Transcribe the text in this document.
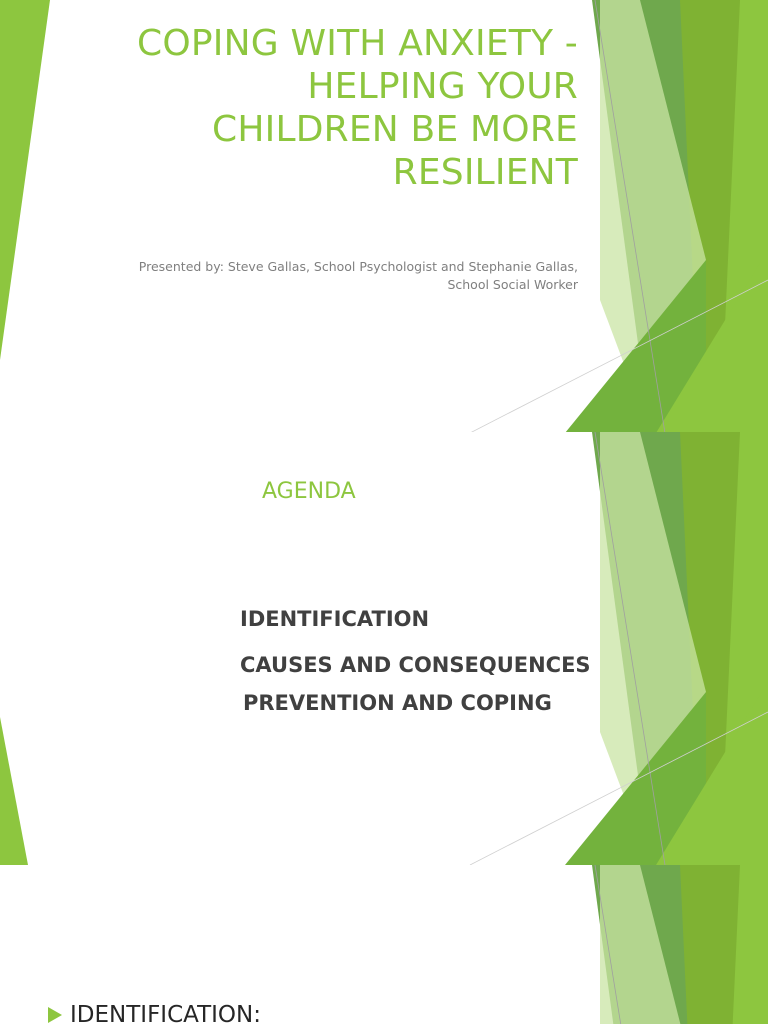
COPING WITH ANXIETY -
HELPING YOUR
CHILDREN BE MORE
RESILIENT
Presented by: Steve Gallas, School Psychologist and Stephanie Gallas,
School Social Worker
AGENDA
IDENTIFICATION
CAUSES AND CONSEQUENCES
PREVENTION AND COPING
IDENTIFICATION:
